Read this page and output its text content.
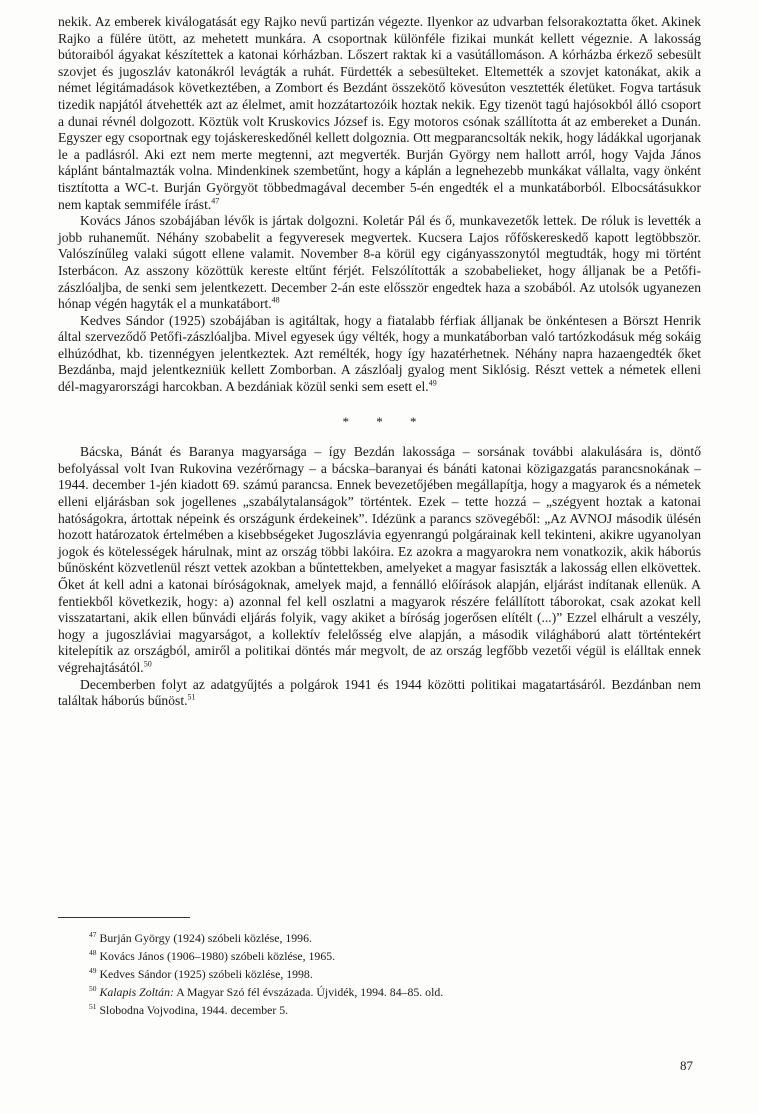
nekik. Az emberek kiválogatását egy Rajko nevű partizán végezte. Ilyenkor az udvarban felsorakoztatta őket. Akinek Rajko a fülére ütött, az mehetett munkára. A csoportnak különféle fizikai munkát kellett végeznie. A lakosság bútoraiból ágyakat készítettek a katonai kórházban. Lőszert raktak ki a vasútállomáson. A kórházba érkező sebesült szovjet és jugoszláv katonákról levágták a ruhát. Fürdették a sebesülteket. Eltemették a szovjet katonákat, akik a német légitámadások következtében, a Zombort és Bezdánt összekötő kövesúton vesztették életüket. Fogva tartásuk tizedik napjától átvehették azt az élelmet, amit hozzátartozóik hoztak nekik. Egy tizenöt tagú hajósokból álló csoport a dunai révnél dolgozott. Köztük volt Kruskovics József is. Egy motoros csónak szállította át az embereket a Dunán. Egyszer egy csoportnak egy tojáskereskedőnél kellett dolgoznia. Ott megparancsolták nekik, hogy ládákkal ugorjanak le a padlásról. Aki ezt nem merte megtenni, azt megverték. Burján György nem hallott arról, hogy Vajda János káplánt bántalmazták volna. Mindenkinek szembetűnt, hogy a káplán a legnehezebb munkákat vállalta, vagy önként tisztította a WC-t. Burján Györgyöt többedmagával december 5-én engedték el a munkatáborból. Elbocsátásukkor nem kaptak semmiféle írást.$^{47}$

Kovács János szobájában lévők is jártak dolgozni. Koletár Pál és ő, munkavezetők lettek. De róluk is levették a jobb ruhaneműt. Néhány szobabelit a fegyveresek megvertek. Kucsera Lajos rőfőskereskedő kapott legtöbbször. Valószínűleg valaki súgott ellene valamit. November 8-a körül egy cigányasszonytól megtudták, hogy mi történt Isterbácon. Az asszony közöttük kereste eltűnt férjét. Felszólították a szobabelieket, hogy álljanak be a Petőfi-zászlóaljba, de senki sem jelentkezett. December 2-án este elősször engedtek haza a szobából. Az utolsók ugyanezen hónap végén hagyták el a munkatábort.$^{48}$

Kedves Sándor (1925) szobájában is agitáltak, hogy a fiatalabb férfiak álljanak be önkéntesen a Börszt Henrik által szerveződő Petőfi-zászlóaljba. Mivel egyesek úgy vélték, hogy a munkatáborban való tartózkodásuk még sokáig elhúzódhat, kb. tizennégyen jelentkeztek. Azt remélték, hogy így hazatérhetnek. Néhány napra hazaengedték őket Bezdánba, majd jelentkezniük kellett Zomborban. A zászlóalj gyalog ment Siklósig. Részt vettek a németek elleni dél-magyarországi harcokban. A bezdániak közül senki sem esett el.$^{49}$

* * *

Bácska, Bánát és Baranya magyarsága – így Bezdán lakossága – sorsának további alakulására is, döntő befolyással volt Ivan Rukovina vezérőrnagy – a bácska–baranyai és bánáti katonai közigazgatás parancsnokának – 1944. december 1-jén kiadott 69. számú parancsa. Ennek bevezetőjében megállapítja, hogy a magyarok és a németek elleni eljárásban sok jogellenes „szabálytalanságok” történtek. Ezek – tette hozzá – „szégyent hoztak a katonai hatóságokra, ártottak népeink és országunk érdekeinek”. Idézünk a parancs szövegéből: „Az AVNOJ második ülésén hozott határozatok értelmében a kisebbségeket Jugoszlávia egyenrangú polgárainak kell tekinteni, akikre ugyanolyan jogok és kötelességek hárulnak, mint az ország többi lakóira. Ez azokra a magyarokra nem vonatkozik, akik háborús bűnösként közvetlenül részt vettek azokban a bűntettekben, amelyeket a magyar fasiszták a lakosság ellen elkövettek. Őket át kell adni a katonai bíróságoknak, amelyek majd, a fennálló előírások alapján, eljárást indítanak ellenük. A fentiekből következik, hogy: a) azonnal fel kell oszlatni a magyarok részére felállított táborokat, csak azokat kell visszatartani, akik ellen bűnvádi eljárás folyik, vagy akiket a bíróság jogerősen elítélt (...)” Ezzel elhárult a veszély, hogy a jugoszláviai magyarságot, a kollektív felelősség elve alapján, a második világháború alatt történtekért kitelepítik az országból, amiről a politikai döntés már megvolt, de az ország legfőbb vezetői végül is elálltak ennek végrehajtásától.$^{50}$

Decemberben folyt az adatgyűjtés a polgárok 1941 és 1944 közötti politikai magatartásáról. Bezdánban nem találtak háborús bűnöst.$^{51}$

$^{47}$ Burján György (1924) szóbeli közlése, 1996.
$^{48}$ Kovács János (1906–1980) szóbeli közlése, 1965.
$^{49}$ Kedves Sándor (1925) szóbeli közlése, 1998.
$^{50}$ Kalapis Zoltán: A Magyar Szó fél évszázada. Újvidék, 1994. 84–85. old.
$^{51}$ Slobodna Vojvodina, 1944. december 5.
87
